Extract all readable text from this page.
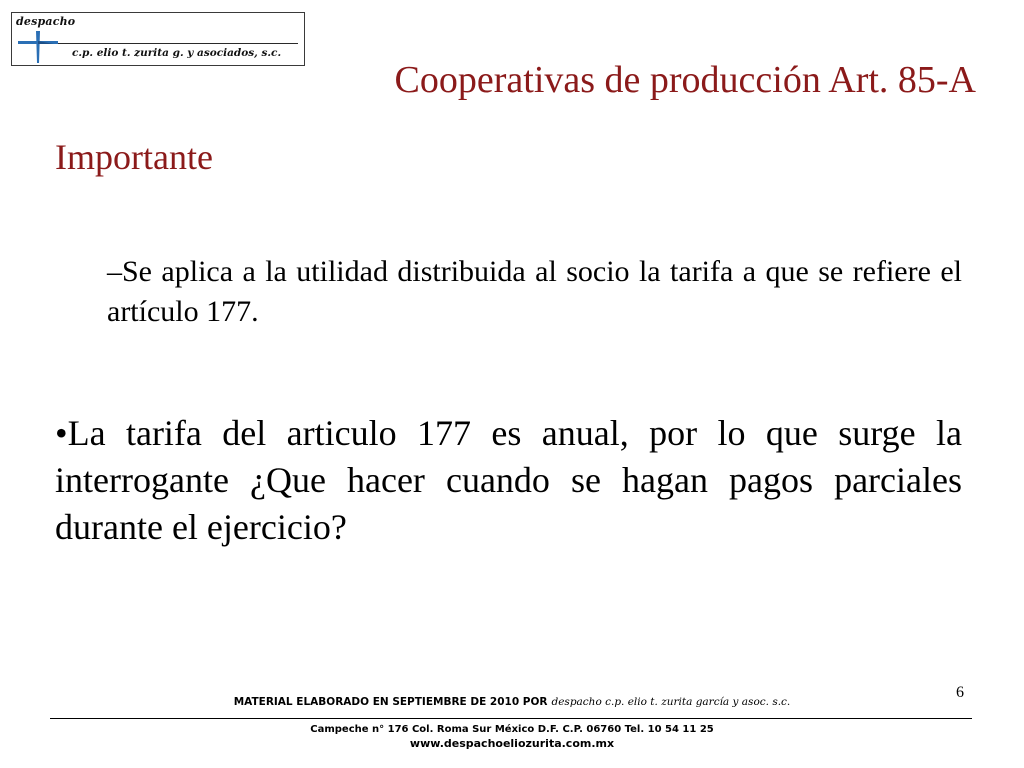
despacho
c.p. elio t. zurita g. y asociados, s.c.
Cooperativas de producción Art. 85-A
Importante

–Se aplica a la utilidad distribuida al socio la tarifa a que se refiere el artículo 177.

•La tarifa del articulo 177 es anual, por lo que surge la interrogante ¿Que hacer cuando se hagan pagos parciales durante el ejercicio?

6
MATERIAL ELABORADO EN SEPTIEMBRE DE 2010 POR despacho c.p. elio t. zurita garcía y asoc. s.c.
Campeche n° 176 Col. Roma Sur México D.F. C.P. 06760 Tel. 10 54 11 25
www.despachoeliozurita.com.mx
